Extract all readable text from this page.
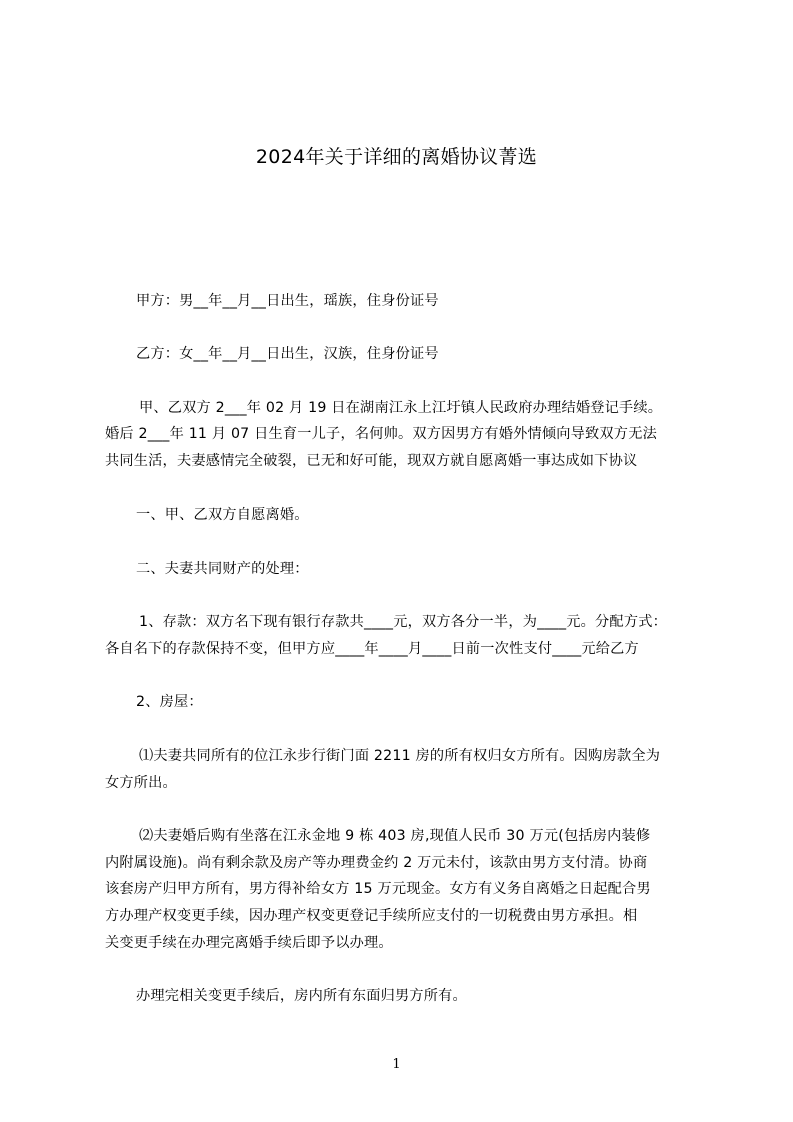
2024年关于详细的离婚协议菁选
甲方：男__年__月__日出生，瑶族，住身份证号
乙方：女__年__月__日出生，汉族，住身份证号
甲、乙双方 2___年 02 月 19 日在湖南江永上江圩镇人民政府办理结婚登记手续。
婚后 2___年 11 月 07 日生育一儿子，名何帅。双方因男方有婚外情倾向导致双方无法
共同生活，夫妻感情完全破裂，已无和好可能，现双方就自愿离婚一事达成如下协议
一、甲、乙双方自愿离婚。
二、夫妻共同财产的处理：
1、存款：双方名下现有银行存款共____元，双方各分一半，为____元。分配方式：
各自名下的存款保持不变，但甲方应____年____月____日前一次性支付____元给乙方
2、房屋：
⑴夫妻共同所有的位江永步行街门面 2211 房的所有权归女方所有。因购房款全为
女方所出。
⑵夫妻婚后购有坐落在江永金地 9 栋 403 房,现值人民币 30 万元(包括房内装修
内附属设施)。尚有剩余款及房产等办理费金约 2 万元未付，该款由男方支付清。协商
该套房产归甲方所有，男方得补给女方 15 万元现金。女方有义务自离婚之日起配合男
方办理产权变更手续，因办理产权变更登记手续所应支付的一切税费由男方承担。相
关变更手续在办理完离婚手续后即予以办理。
办理完相关变更手续后，房内所有东面归男方所有。
1
